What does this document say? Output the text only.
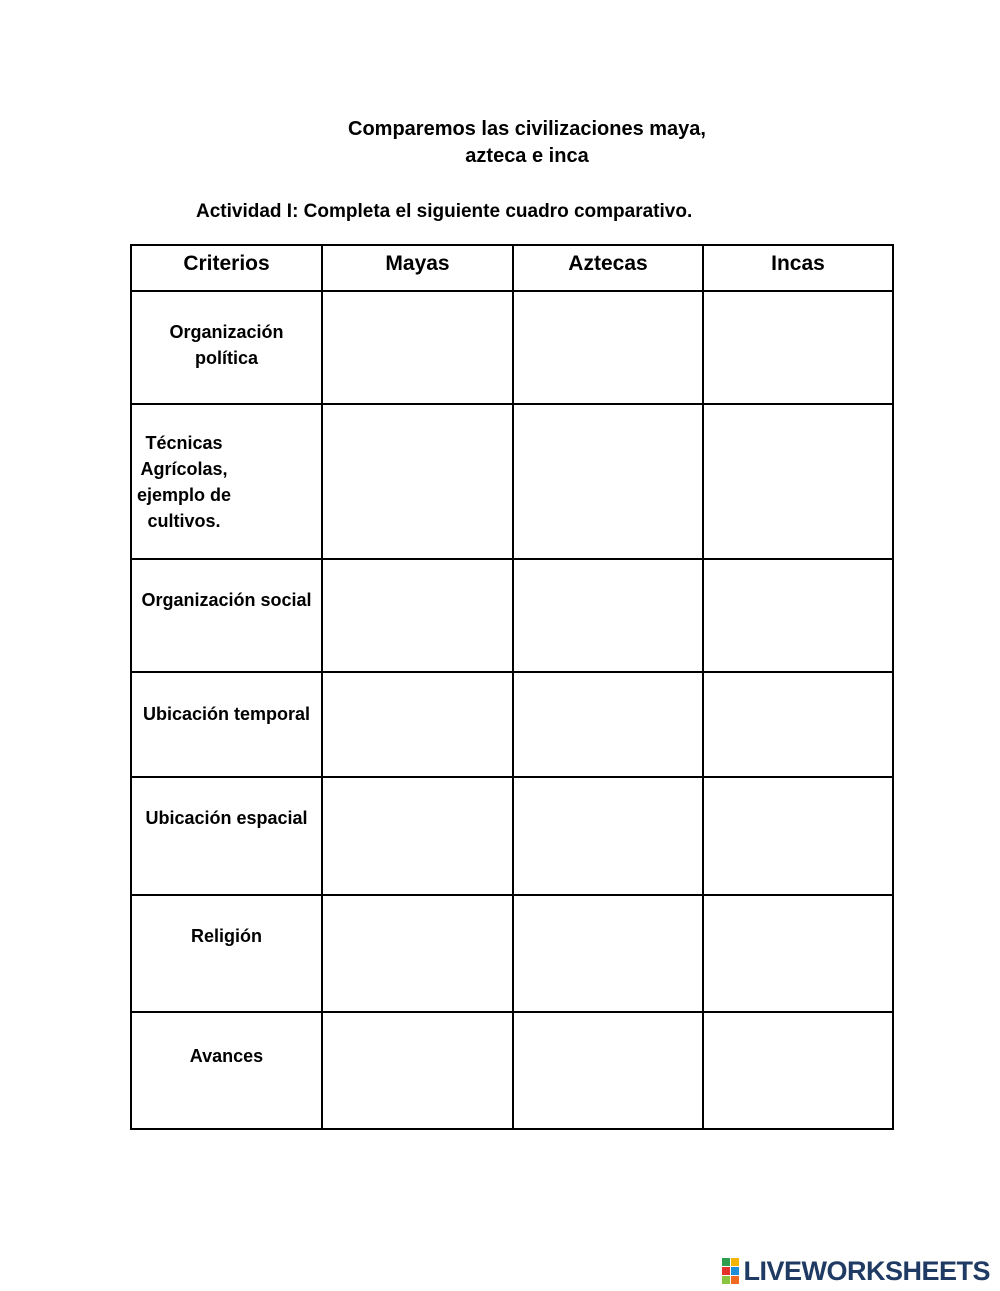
Comparemos las civilizaciones maya,
azteca e inca
Actividad I: Completa el siguiente cuadro comparativo.
Criterios	Mayas	Aztecas	Incas

Organización política			

Técnicas Agrícolas, ejemplo de cultivos.			

Organización social			

Ubicación temporal			

Ubicación espacial			

Religión			

Avances			

LIVEWORKSHEETS
